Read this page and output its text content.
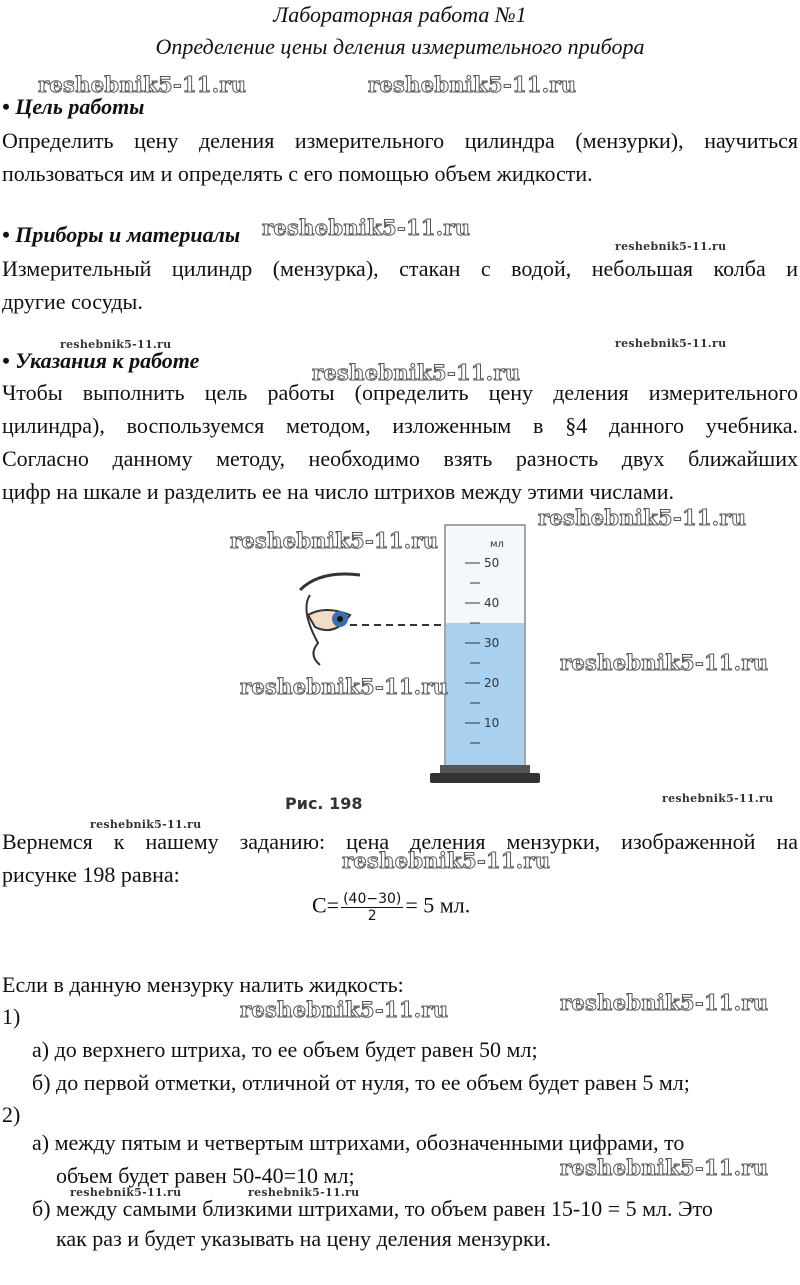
Лабораторная работа №1
Определение цены деления измерительного прибора
• Цель работы
Определить цену деления измерительного цилиндра (мензурки), научиться
пользоваться им и определять с его помощью объем жидкости.
• Приборы и материалы
Измерительный цилиндр (мензурка), стакан с водой, небольшая колба и
другие сосуды.
• Указания к работе
Чтобы выполнить цель работы (определить цену деления измерительного
цилиндра), воспользуемся методом, изложенным в §4 данного учебника.
Согласно данному методу, необходимо взять разность двух ближайших
цифр на шкале и разделить ее на число штрихов между этими числами.
мл
50
40
30
20
10
Рис. 198
Вернемся к нашему заданию: цена деления мензурки, изображенной на
рисунке 198 равна:
$C= \frac{(40-30)}{2} = 5$ мл.
Если в данную мензурку налить жидкость:
1)
а) до верхнего штриха, то ее объем будет равен 50 мл;
б) до первой отметки, отличной от нуля, то ее объем будет равен 5 мл;
2)
а) между пятым и четвертым штрихами, обозначенными цифрами, то
объем будет равен 50-40=10 мл;
б) между самыми близкими штрихами, то объем равен 15-10 = 5 мл. Это
как раз и будет указывать на цену деления мензурки.
reshebnik5-11.ru	reshebnik5-11.ru
reshebnik5-11.ru
reshebnik5-11.ru
reshebnik5-11.ru	reshebnik5-11.ru
reshebnik5-11.ru
reshebnik5-11.ru
reshebnik5-11.ru
reshebnik5-11.ru
reshebnik5-11.ru
reshebnik5-11.ru
reshebnik5-11.ru
reshebnik5-11.ru
reshebnik5-11.ru	reshebnik5-11.ru
reshebnik5-11.ru
reshebnik5-11.ru	reshebnik5-11.ru
